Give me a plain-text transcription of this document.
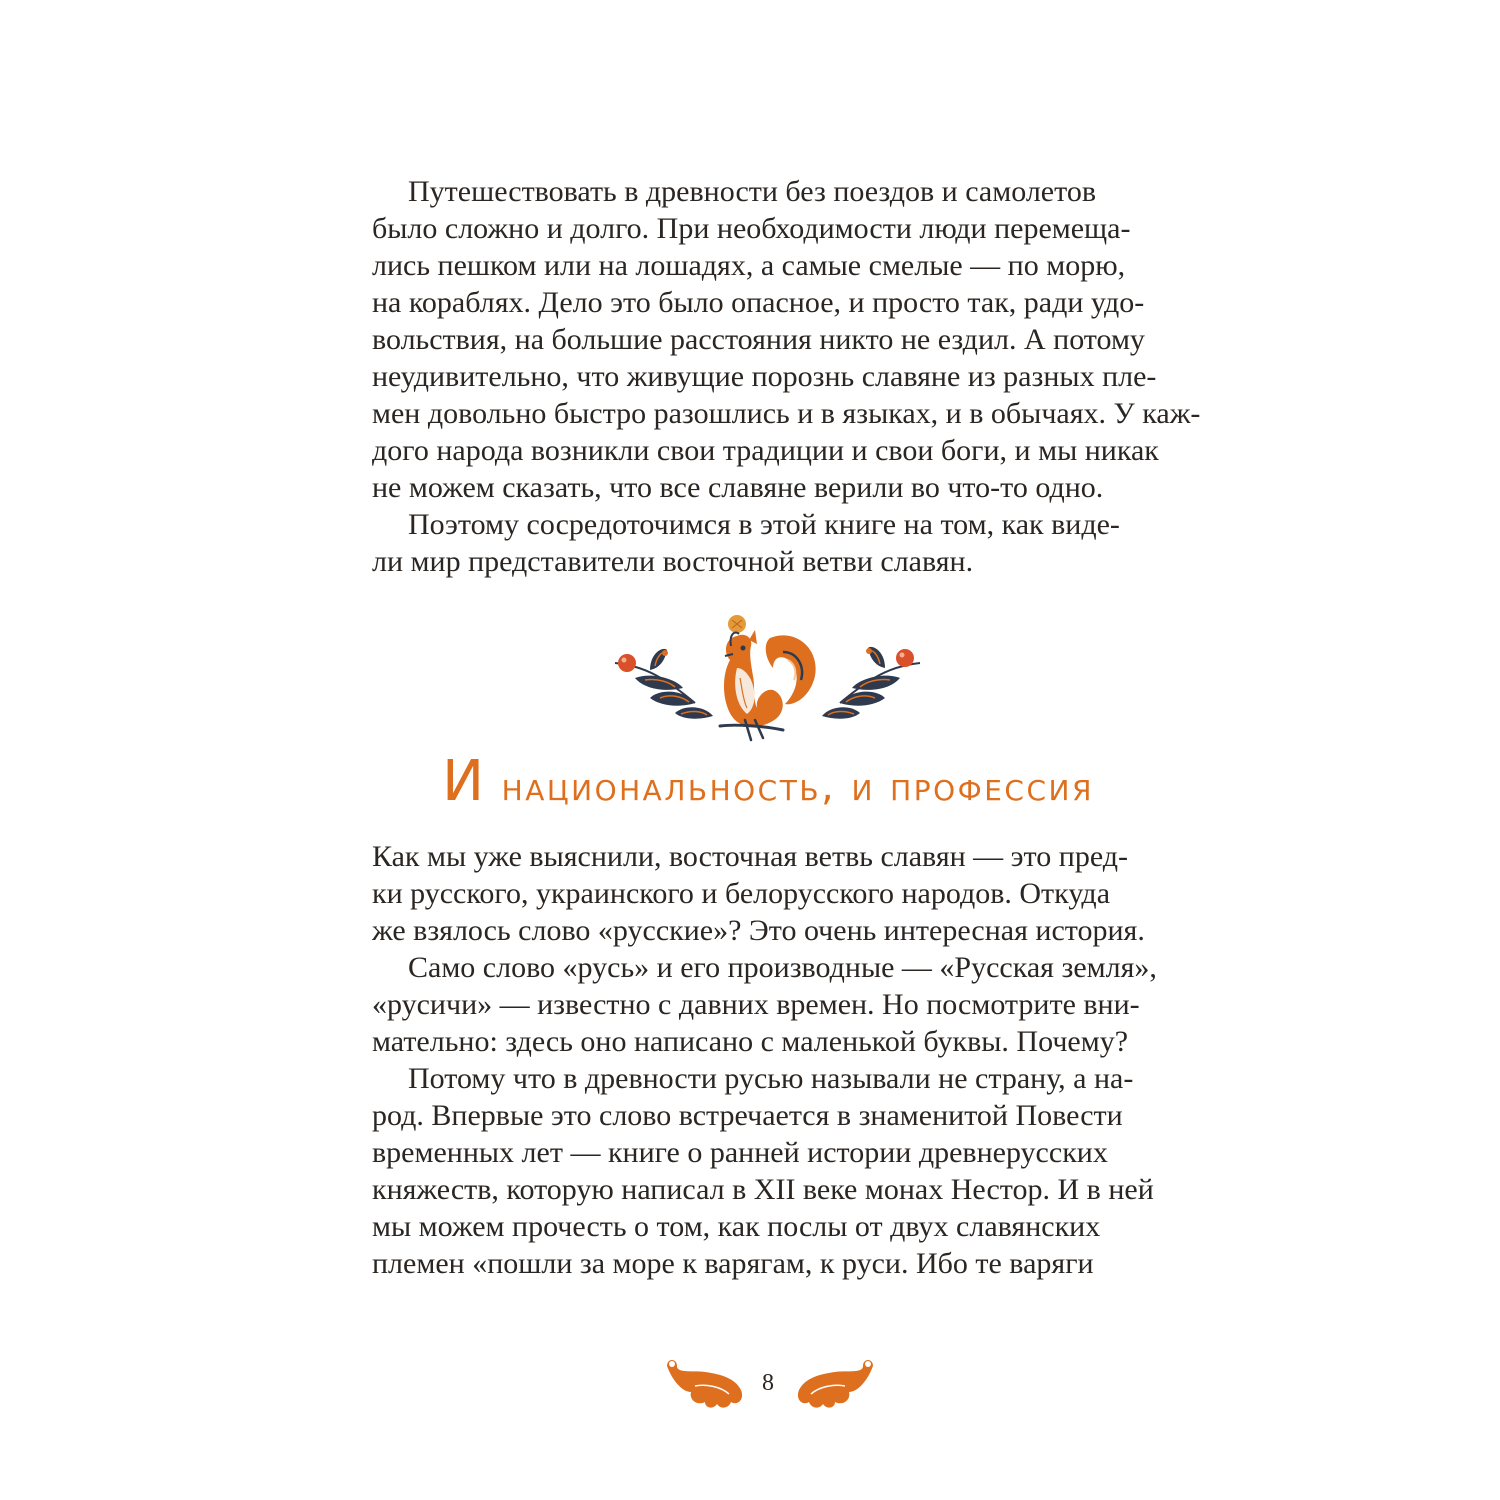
Путешествовать в древности без поездов и самолетов
было сложно и долго. При необходимости люди перемеща-
лись пешком или на лошадях, а самые смелые — по морю,
на кораблях. Дело это было опасное, и просто так, ради удо-
вольствия, на большие расстояния никто не ездил. А потому
неудивительно, что живущие порознь славяне из разных пле-
мен довольно быстро разошлись и в языках, и в обычаях. У каж-
дого народа возникли свои традиции и свои боги, и мы никак
не можем сказать, что все славяне верили во что-то одно.
Поэтому сосредоточимся в этой книге на том, как виде-
ли мир представители восточной ветви славян.
И национальность, и профессия
Как мы уже выяснили, восточная ветвь славян — это пред-
ки русского, украинского и белорусского народов. Откуда
же взялось слово «русские»? Это очень интересная история.
Само слово «русь» и его производные — «Русская земля»,
«русичи» — известно с давних времен. Но посмотрите вни-
мательно: здесь оно написано с маленькой буквы. Почему?
Потому что в древности русью называли не страну, а на-
род. Впервые это слово встречается в знаменитой Повести
временных лет — книге о ранней истории древнерусских
княжеств, которую написал в XII веке монах Нестор. И в ней
мы можем прочесть о том, как послы от двух славянских
племен «пошли за море к варягам, к руси. Ибо те варяги
8
